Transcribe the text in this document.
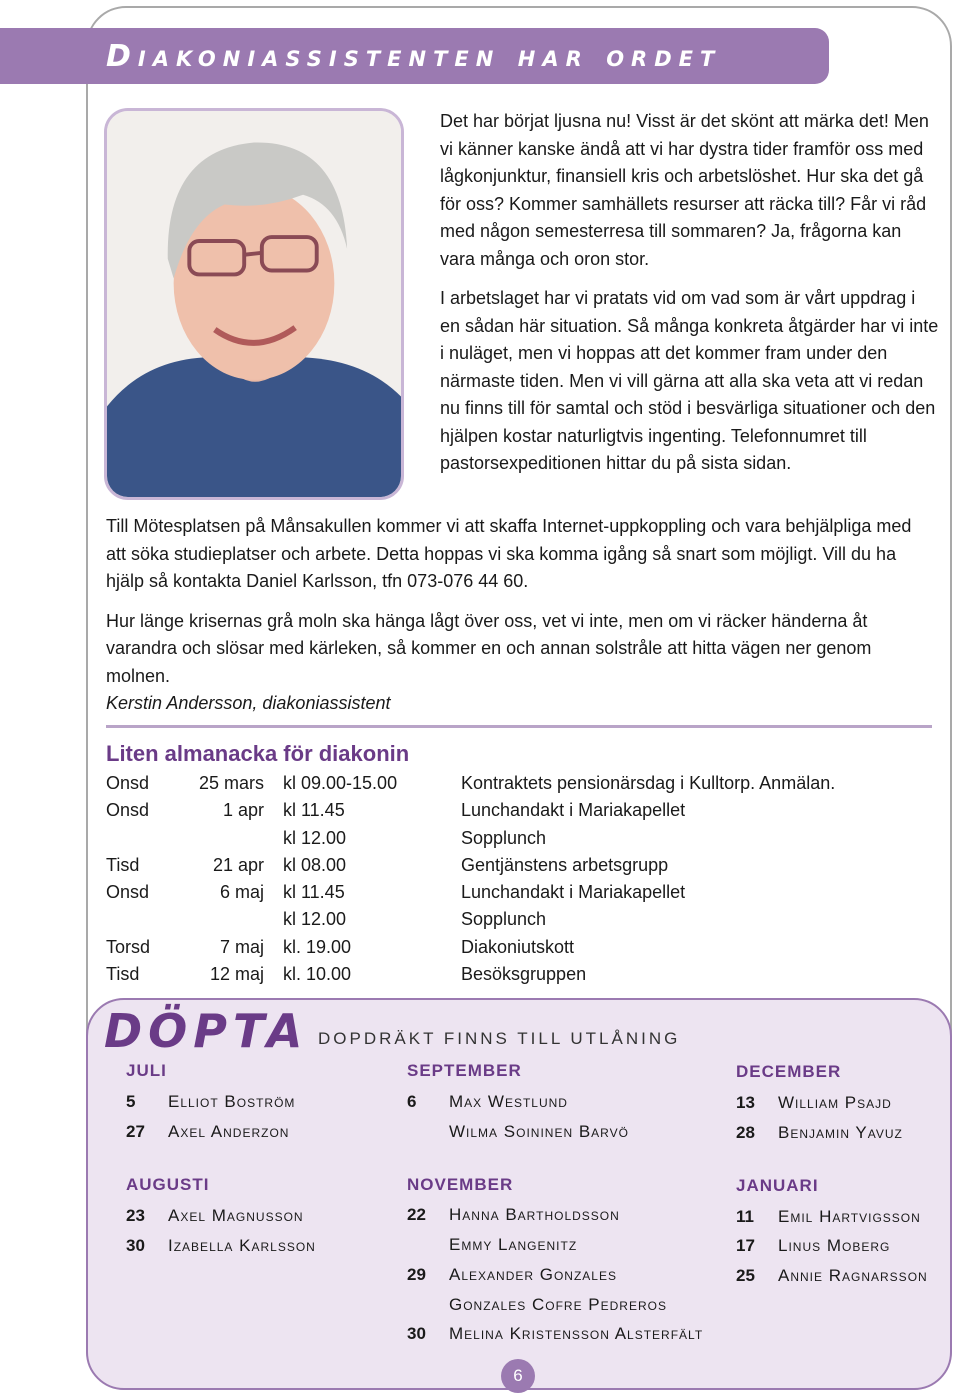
Diakoniassistenten har ordet

Det har börjat ljusna nu! Visst är det skönt att märka det! Men vi känner kanske ändå att vi har dystra tider framför oss med lågkonjunktur, finansiell kris och arbetslöshet. Hur ska det gå för oss? Kommer samhällets resurser att räcka till? Får vi råd med någon semesterresa till sommaren? Ja, frågorna kan vara många och oron stor.

I arbetslaget har vi pratats vid om vad som är vårt uppdrag i en sådan här situation. Så många konkreta åtgärder har vi inte i nuläget, men vi hoppas att det kommer fram under den närmaste tiden. Men vi vill gärna att alla ska veta att vi redan nu finns till för samtal och stöd i besvärliga situationer och den hjälpen kostar naturligtvis ingenting. Telefonnumret till pastorsexpeditionen hittar du på sista sidan.

Till Mötesplatsen på Månsakullen kommer vi att skaffa Internet-uppkoppling och vara behjälpliga med att söka studieplatser och arbete. Detta hoppas vi ska komma igång så snart som möjligt. Vill du ha hjälp så kontakta Daniel Karlsson, tfn 073-076 44 60.

Hur länge krisernas grå moln ska hänga lågt över oss, vet vi inte, men om vi räcker händerna åt varandra och slösar med kärleken, så kommer en och annan solstråle att hitta vägen ner genom molnen.
Kerstin Andersson, diakoniassistent

Liten almanacka för diakonin
Onsd	25 mars kl 09.00-15.00	Kontraktets pensionärsdag i Kulltorp. Anmälan.
Onsd	1 apr kl 11.45	Lunchandakt i Mariakapellet
kl 12.00	Sopplunch
Tisd	21 apr kl 08.00	Gentjänstens arbetsgrupp
Onsd	6 maj kl 11.45	Lunchandakt i Mariakapellet
kl 12.00	Sopplunch
Torsd	7 maj kl. 19.00	Diakoniutskott
Tisd	12 maj kl. 10.00	Besöksgruppen
DÖPTA DOPDRÄKT FINNS TILL UTLÅNING
JULI
5 Elliot Boström
27 Axel Anderzon
AUGUSTI
23 Axel Magnusson
30 Izabella Karlsson
SEPTEMBER
6 Max Westlund
Wilma Soininen Barvö
NOVEMBER
22 Hanna Bartholdsson
Emmy Langenitz
29 Alexander Gonzales
Gonzales Cofre Pedreros
30 Melina Kristensson Alsterfält
DECEMBER
13 William Psajd
28 Benjamin Yavuz
JANUARI
11 Emil Hartvigsson
17 Linus Moberg
25 Annie Ragnarsson
6
